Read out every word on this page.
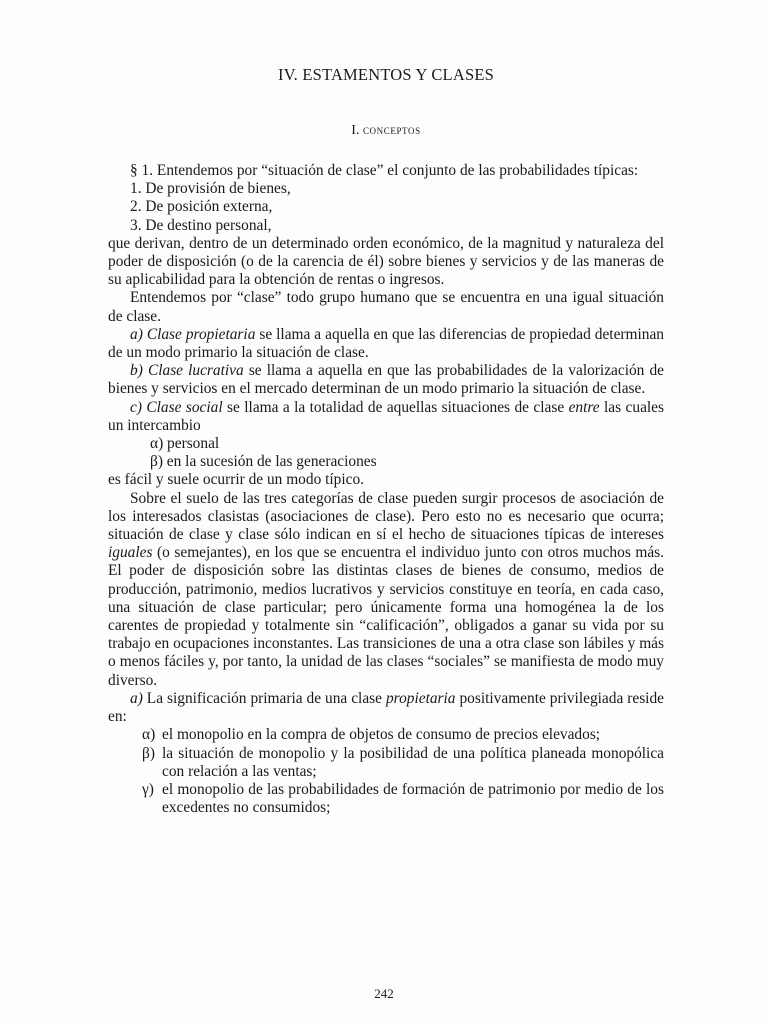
IV. ESTAMENTOS Y CLASES
I. conceptos

§ 1. Entendemos por “situación de clase” el conjunto de las probabilidades típicas:

1. De provisión de bienes,
2. De posición externa,
3. De destino personal,

que derivan, dentro de un determinado orden económico, de la magnitud y naturaleza del poder de disposición (o de la carencia de él) sobre bienes y servicios y de las maneras de su aplicabilidad para la obtención de rentas o ingresos.

Entendemos por “clase” todo grupo humano que se encuentra en una igual situación de clase.

a) Clase propietaria se llama a aquella en que las diferencias de propiedad determinan de un modo primario la situación de clase.

b) Clase lucrativa se llama a aquella en que las probabilidades de la valorización de bienes y servicios en el mercado determinan de un modo primario la situación de clase.

c) Clase social se llama a la totalidad de aquellas situaciones de clase entre las cuales un intercambio

α) personal
β) en la sucesión de las generaciones

es fácil y suele ocurrir de un modo típico.

Sobre el suelo de las tres categorías de clase pueden surgir procesos de asociación de los interesados clasistas (asociaciones de clase). Pero esto no es necesario que ocurra; situación de clase y clase sólo indican en sí el hecho de situaciones típicas de intereses iguales (o semejantes), en los que se encuentra el individuo junto con otros muchos más. El poder de disposición sobre las distintas clases de bienes de consumo, medios de producción, patrimonio, medios lucrativos y servicios constituye en teoría, en cada caso, una situación de clase particular; pero únicamente forma una homogénea la de los carentes de propiedad y totalmente sin “calificación”, obligados a ganar su vida por su trabajo en ocupaciones inconstantes. Las transiciones de una a otra clase son lábiles y más o menos fáciles y, por tanto, la unidad de las clases “sociales” se manifiesta de modo muy diverso.

a) La significación primaria de una clase propietaria positivamente privilegiada reside en:

α) el monopolio en la compra de objetos de consumo de precios elevados;
β) la situación de monopolio y la posibilidad de una política planeada monopólica con relación a las ventas;
γ) el monopolio de las probabilidades de formación de patrimonio por medio de los excedentes no consumidos;
242
